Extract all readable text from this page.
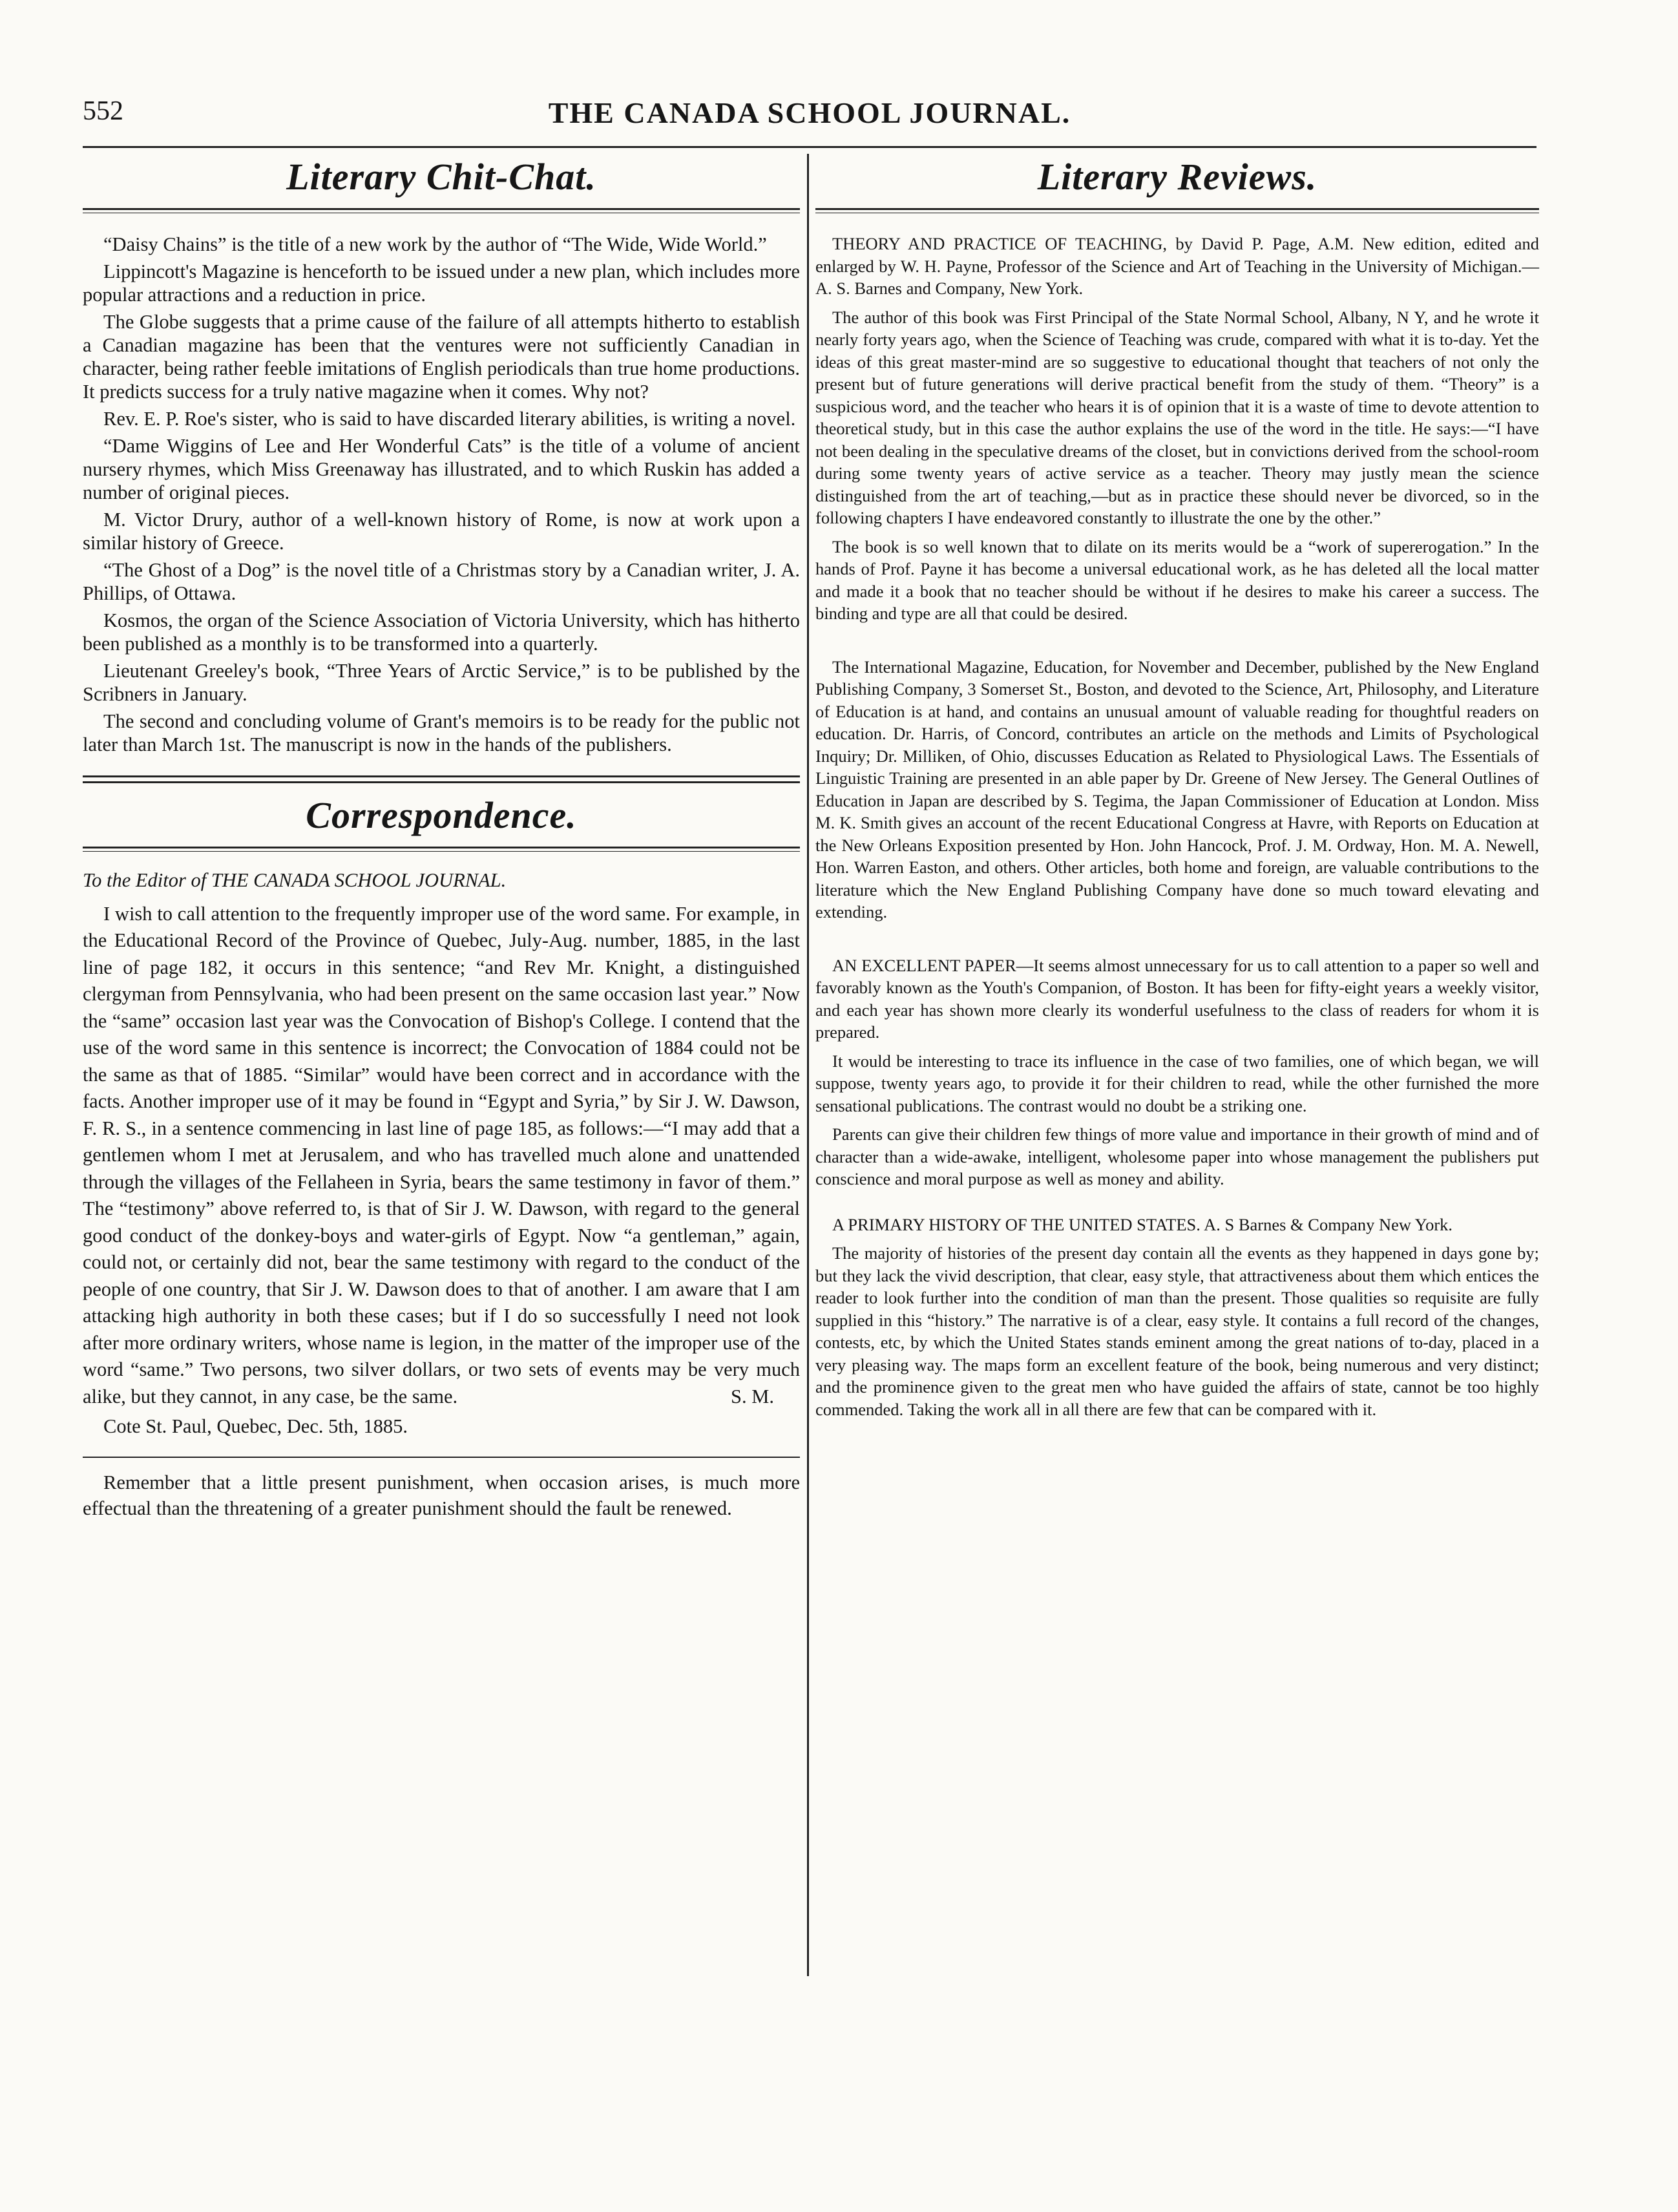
552	THE CANADA SCHOOL JOURNAL.
Literary Chit-Chat.

“Daisy Chains” is the title of a new work by the author of “The Wide, Wide World.”

Lippincott's Magazine is henceforth to be issued under a new plan, which includes more popular attractions and a reduction in price.

The Globe suggests that a prime cause of the failure of all attempts hitherto to establish a Canadian magazine has been that the ventures were not sufficiently Canadian in character, being rather feeble imitations of English periodicals than true home productions. It predicts success for a truly native magazine when it comes. Why not?

Rev. E. P. Roe's sister, who is said to have discarded literary abilities, is writing a novel.

“Dame Wiggins of Lee and Her Wonderful Cats” is the title of a volume of ancient nursery rhymes, which Miss Greenaway has illustrated, and to which Ruskin has added a number of original pieces.

M. Victor Drury, author of a well-known history of Rome, is now at work upon a similar history of Greece.

“The Ghost of a Dog” is the novel title of a Christmas story by a Canadian writer, J. A. Phillips, of Ottawa.

Kosmos, the organ of the Science Association of Victoria University, which has hitherto been published as a monthly is to be transformed into a quarterly.

Lieutenant Greeley's book, “Three Years of Arctic Service,” is to be published by the Scribners in January.

The second and concluding volume of Grant's memoirs is to be ready for the public not later than March 1st. The manuscript is now in the hands of the publishers.

Correspondence.

To the Editor of THE CANADA SCHOOL JOURNAL.

I wish to call attention to the frequently improper use of the word same. For example, in the Educational Record of the Province of Quebec, July-Aug. number, 1885, in the last line of page 182, it occurs in this sentence; “and Rev Mr. Knight, a distinguished clergyman from Pennsylvania, who had been present on the same occasion last year.” Now the “same” occasion last year was the Convocation of Bishop's College. I contend that the use of the word same in this sentence is incorrect; the Convocation of 1884 could not be the same as that of 1885. “Similar” would have been correct and in accordance with the facts. Another improper use of it may be found in “Egypt and Syria,” by Sir J. W. Dawson, F. R. S., in a sentence commencing in last line of page 185, as follows:—“I may add that a gentlemen whom I met at Jerusalem, and who has travelled much alone and unattended through the villages of the Fellaheen in Syria, bears the same testimony in favor of them.” The “testimony” above referred to, is that of Sir J. W. Dawson, with regard to the general good conduct of the donkey-boys and water-girls of Egypt. Now “a gentleman,” again, could not, or certainly did not, bear the same testimony with regard to the conduct of the people of one country, that Sir J. W. Dawson does to that of another. I am aware that I am attacking high authority in both these cases; but if I do so successfully I need not look after more ordinary writers, whose name is legion, in the matter of the improper use of the word “same.” Two persons, two silver dollars, or two sets of events may be very much alike, but they cannot, in any case, be the same.	S. M.

Cote St. Paul, Quebec, Dec. 5th, 1885.

Remember that a little present punishment, when occasion arises, is much more effectual than the threatening of a greater punishment should the fault be renewed.

Literary Reviews.

THEORY AND PRACTICE OF TEACHING, by David P. Page, A.M. New edition, edited and enlarged by W. H. Payne, Professor of the Science and Art of Teaching in the University of Michigan.—A. S. Barnes and Company, New York.

The author of this book was First Principal of the State Normal School, Albany, N Y, and he wrote it nearly forty years ago, when the Science of Teaching was crude, compared with what it is to-day. Yet the ideas of this great master-mind are so suggestive to educational thought that teachers of not only the present but of future generations will derive practical benefit from the study of them. “Theory” is a suspicious word, and the teacher who hears it is of opinion that it is a waste of time to devote attention to theoretical study, but in this case the author explains the use of the word in the title. He says:—“I have not been dealing in the speculative dreams of the closet, but in convictions derived from the school-room during some twenty years of active service as a teacher. Theory may justly mean the science distinguished from the art of teaching,—but as in practice these should never be divorced, so in the following chapters I have endeavored constantly to illustrate the one by the other.”

The book is so well known that to dilate on its merits would be a “work of supererogation.” In the hands of Prof. Payne it has become a universal educational work, as he has deleted all the local matter and made it a book that no teacher should be without if he desires to make his career a success. The binding and type are all that could be desired.

The International Magazine, Education, for November and December, published by the New England Publishing Company, 3 Somerset St., Boston, and devoted to the Science, Art, Philosophy, and Literature of Education is at hand, and contains an unusual amount of valuable reading for thoughtful readers on education. Dr. Harris, of Concord, contributes an article on the methods and Limits of Psychological Inquiry; Dr. Milliken, of Ohio, discusses Education as Related to Physiological Laws. The Essentials of Linguistic Training are presented in an able paper by Dr. Greene of New Jersey. The General Outlines of Education in Japan are described by S. Tegima, the Japan Commissioner of Education at London. Miss M. K. Smith gives an account of the recent Educational Congress at Havre, with Reports on Education at the New Orleans Exposition presented by Hon. John Hancock, Prof. J. M. Ordway, Hon. M. A. Newell, Hon. Warren Easton, and others. Other articles, both home and foreign, are valuable contributions to the literature which the New England Publishing Company have done so much toward elevating and extending.

AN EXCELLENT PAPER—It seems almost unnecessary for us to call attention to a paper so well and favorably known as the Youth's Companion, of Boston. It has been for fifty-eight years a weekly visitor, and each year has shown more clearly its wonderful usefulness to the class of readers for whom it is prepared.

It would be interesting to trace its influence in the case of two families, one of which began, we will suppose, twenty years ago, to provide it for their children to read, while the other furnished the more sensational publications. The contrast would no doubt be a striking one.

Parents can give their children few things of more value and importance in their growth of mind and of character than a wide-awake, intelligent, wholesome paper into whose management the publishers put conscience and moral purpose as well as money and ability.

A PRIMARY HISTORY OF THE UNITED STATES. A. S Barnes & Company New York.

The majority of histories of the present day contain all the events as they happened in days gone by; but they lack the vivid description, that clear, easy style, that attractiveness about them which entices the reader to look further into the condition of man than the present. Those qualities so requisite are fully supplied in this “history.” The narrative is of a clear, easy style. It contains a full record of the changes, contests, etc, by which the United States stands eminent among the great nations of to-day, placed in a very pleasing way. The maps form an excellent feature of the book, being numerous and very distinct; and the prominence given to the great men who have guided the affairs of state, cannot be too highly commended. Taking the work all in all there are few that can be compared with it.
